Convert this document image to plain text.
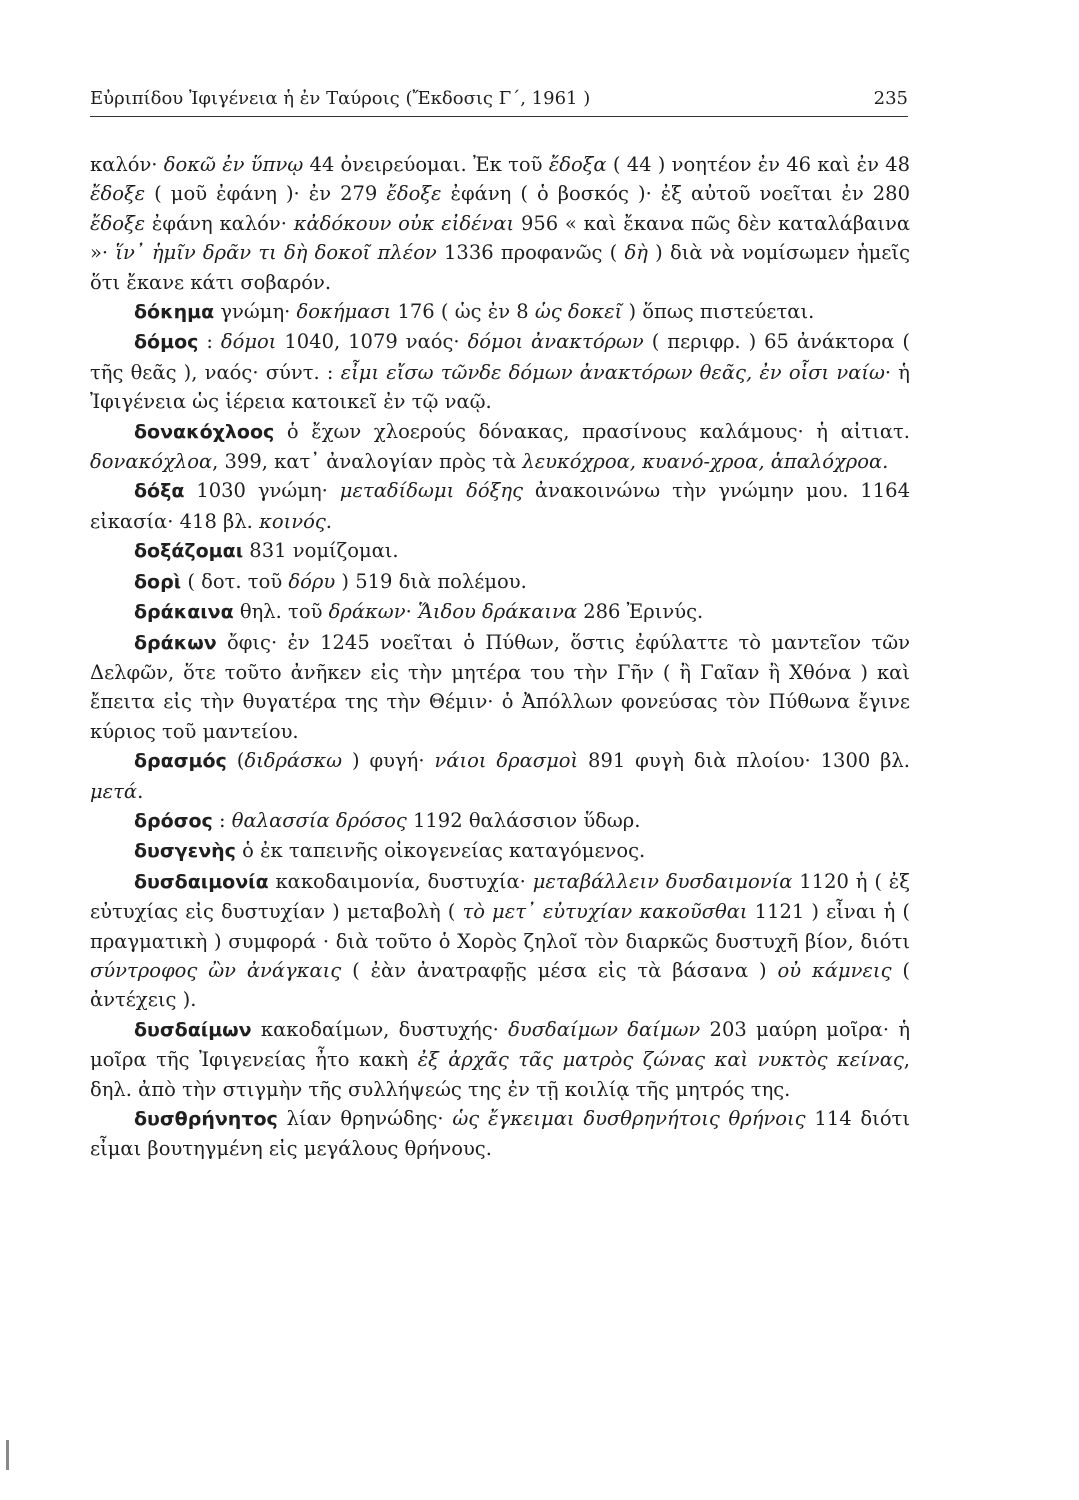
Εὐριπίδου Ἰφιγένεια ἡ ἐν Ταύροις (Ἔκδοσις Γ΄, 1961 )	235

καλόν· δοκῶ ἐν ὕπνῳ 44 ὀνειρεύομαι. Ἐκ τοῦ ἔδοξα ( 44 ) νοητέον ἐν 46 καὶ ἐν 48 ἔδοξε ( μοῦ ἐφάνη )· ἐν 279 ἔδοξε ἐφάνη ( ὁ βοσκός )· ἐξ αὐτοῦ νοεῖται ἐν 280 ἔδοξε ἐφάνη καλόν· κἀδόκουν οὐκ εἰδέναι 956 « καὶ ἔκανα πῶς δὲν καταλάβαινα »· ἵν᾽ ἡμῖν δρᾶν τι δὴ δοκοῖ πλέον 1336 προφανῶς ( δὴ ) διὰ νὰ νομίσωμεν ἡμεῖς ὅτι ἔκανε κάτι σοβαρόν.

δόκημα γνώμη· δοκήμασι 176 ( ὡς ἐν 8 ὡς δοκεῖ ) ὅπως πιστεύεται.

δόμος : δόμοι 1040, 1079 ναός· δόμοι ἀνακτόρων ( περιφρ. ) 65 ἀνάκτορα ( τῆς θεᾶς ), ναός· σύντ. : εἶμι εἴσω τῶνδε δόμων ἀνακτόρων θεᾶς, ἐν οἷσι ναίω· ἡ Ἰφιγένεια ὡς ἱέρεια κατοικεῖ ἐν τῷ ναῷ.

δονακόχλοος ὁ ἔχων χλοερούς δόνακας, πρασίνους καλάμους· ἡ αἰτιατ. δονακόχλοα, 399, κατ᾽ ἀναλογίαν πρὸς τὰ λευκόχροα, κυανό-χροα, ἁπαλόχροα.

δόξα 1030 γνώμη· μεταδίδωμι δόξης ἀνακοινώνω τὴν γνώμην μου. 1164 εἰκασία· 418 βλ. κοινός.

δοξάζομαι 831 νομίζομαι.

δορὶ ( δοτ. τοῦ δόρυ ) 519 διὰ πολέμου.

δράκαινα θηλ. τοῦ δράκων· Ἅιδου δράκαινα 286 Ἐρινύς.

δράκων ὄφις· ἐν 1245 νοεῖται ὁ Πύθων, ὅστις ἐφύλαττε τὸ μαντεῖον τῶν Δελφῶν, ὅτε τοῦτο ἀνῆκεν εἰς τὴν μητέρα του τὴν Γῆν ( ἢ Γαῖαν ἢ Χθόνα ) καὶ ἔπειτα εἰς τὴν θυγατέρα της τὴν Θέμιν· ὁ Ἀπόλλων φονεύσας τὸν Πύθωνα ἔγινε κύριος τοῦ μαντείου.

δρασμός (διδράσκω ) φυγή· νάιοι δρασμοὶ 891 φυγὴ διὰ πλοίου· 1300 βλ. μετά.

δρόσος : θαλασσία δρόσος 1192 θαλάσσιον ὕδωρ.

δυσγενὴς ὁ ἐκ ταπεινῆς οἰκογενείας καταγόμενος.

δυσδαιμονία κακοδαιμονία, δυστυχία· μεταβάλλειν δυσδαιμονία 1120 ἡ ( ἐξ εὐτυχίας εἰς δυστυχίαν ) μεταβολὴ ( τὸ μετ᾽ εὐτυχίαν κακοῦσθαι 1121 ) εἶναι ἡ ( πραγματικὴ ) συμφορά · διὰ τοῦτο ὁ Χορὸς ζηλοῖ τὸν διαρκῶς δυστυχῆ βίον, διότι σύντροφος ὢν ἀνάγκαις ( ἐὰν ἀνατραφῇς μέσα εἰς τὰ βάσανα ) οὐ κάμνεις ( ἀντέχεις ).

δυσδαίμων κακοδαίμων, δυστυχής· δυσδαίμων δαίμων 203 μαύρη μοῖρα· ἡ μοῖρα τῆς Ἰφιγενείας ἦτο κακὴ ἐξ ἀρχᾶς τᾶς ματρὸς ζώνας καὶ νυκτὸς κείνας, δηλ. ἀπὸ τὴν στιγμὴν τῆς συλλήψεώς της ἐν τῇ κοιλίᾳ τῆς μητρός της.

δυσθρήνητος λίαν θρηνώδης· ὡς ἔγκειμαι δυσθρηνήτοις θρήνοις 114 διότι εἶμαι βουτηγμένη εἰς μεγάλους θρήνους.
